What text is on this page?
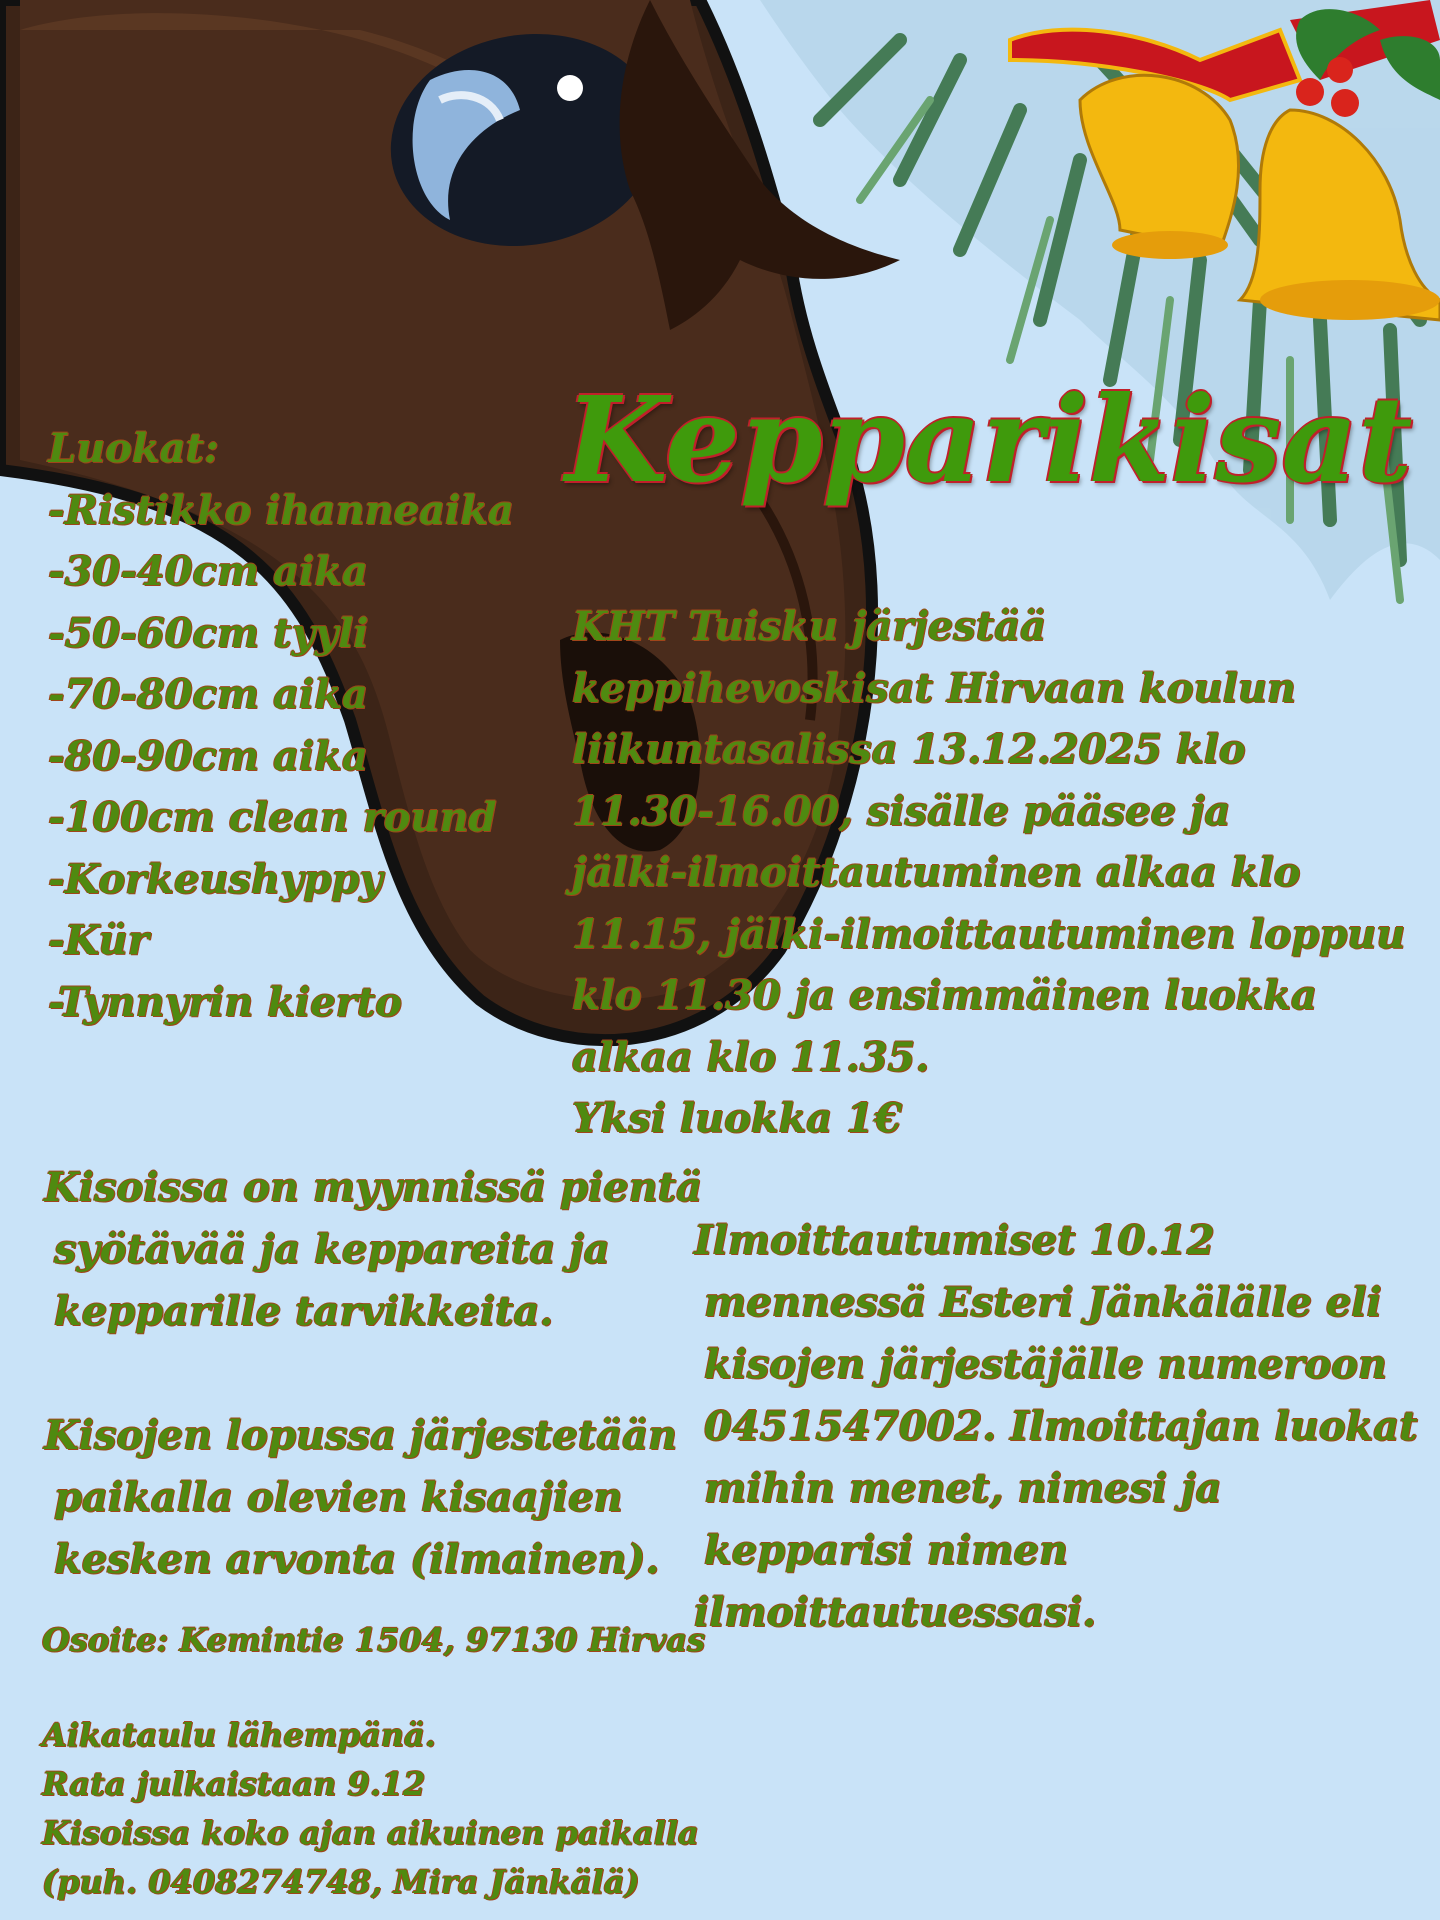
Kepparikisat
Luokat:
-Ristikko ihanneaika
-30-40cm aika
-50-60cm tyyli
-70-80cm aika
-80-90cm aika
-100cm clean round
-Korkeushyppy
-Kür
-Tynnyrin kierto
KHT Tuisku järjestää
keppihevoskisat Hirvaan koulun
liikuntasalissa 13.12.2025 klo
11.30-16.00, sisälle pääsee ja
jälki-ilmoittautuminen alkaa klo
11.15, jälki-ilmoittautuminen loppuu
klo 11.30 ja ensimmäinen luokka
alkaa klo 11.35.
Yksi luokka 1€
Kisoissa on myynnissä pientä
syötävää ja keppareita ja
kepparille tarvikkeita.
Kisojen lopussa järjestetään
paikalla olevien kisaajien
kesken arvonta (ilmainen).
Ilmoittautumiset 10.12
mennessä Esteri Jänkälälle eli
kisojen järjestäjälle numeroon
0451547002. Ilmoittajan luokat
mihin menet, nimesi ja
kepparisi nimen
ilmoittautuessasi.
Osoite: Kemintie 1504, 97130 Hirvas
Aikataulu lähempänä.
Rata julkaistaan 9.12
Kisoissa koko ajan aikuinen paikalla
(puh. 0408274748, Mira Jänkälä)
